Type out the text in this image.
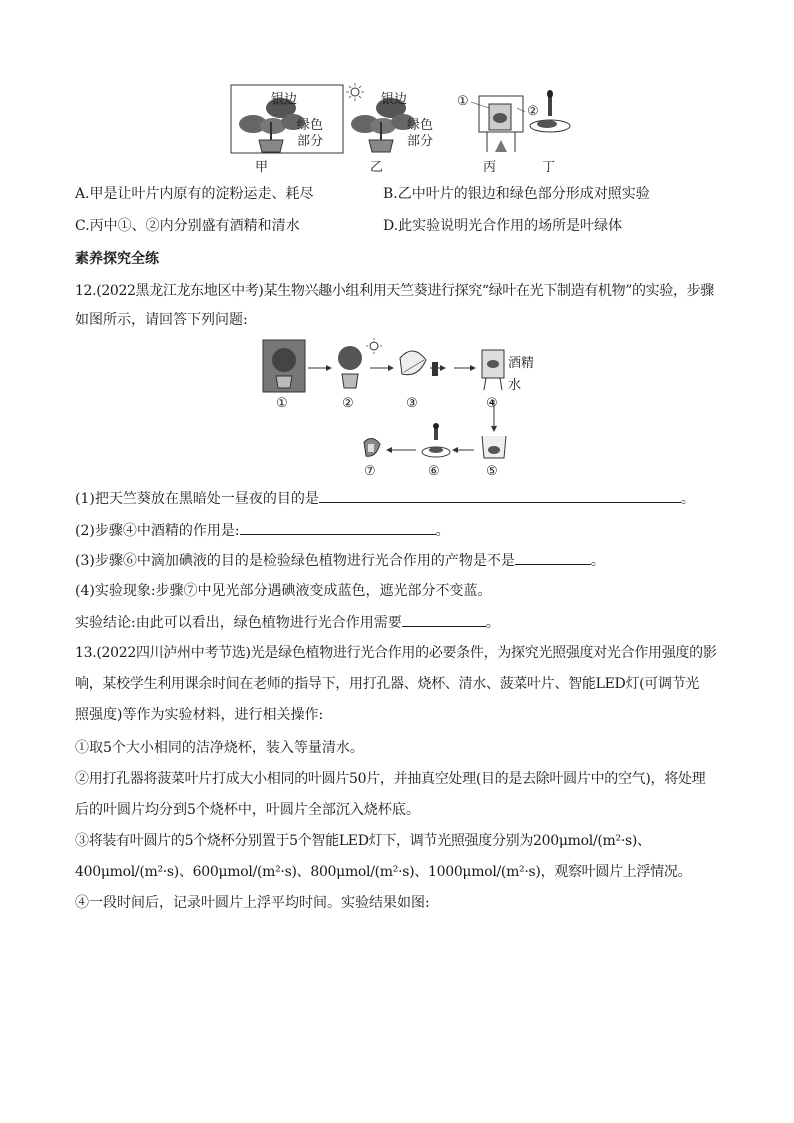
银边
绿色
部分
银边
绿色
部分
①
②
甲	乙	丙	丁
A.甲是让叶片内原有的淀粉运走、耗尽	B.乙中叶片的银边和绿色部分形成对照实验
C.丙中①、②内分别盛有酒精和清水	D.此实验说明光合作用的场所是叶绿体
素养探究全练
12.(2022黑龙江龙东地区中考)某生物兴趣小组利用天竺葵进行探究“绿叶在光下制造有机物”的实验，步骤
如图所示，请回答下列问题:
酒精
水
①	②	③	④
⑤
⑥
⑦
(1)把天竺葵放在黑暗处一昼夜的目的是	。
(2)步骤④中酒精的作用是:	。
(3)步骤⑥中滴加碘液的目的是检验绿色植物进行光合作用的产物是不是	。
(4)实验现象:步骤⑦中见光部分遇碘液变成蓝色，遮光部分不变蓝。
实验结论:由此可以看出，绿色植物进行光合作用需要	。
13.(2022四川泸州中考节选)光是绿色植物进行光合作用的必要条件，为探究光照强度对光合作用强度的影
响，某校学生利用课余时间在老师的指导下，用打孔器、烧杯、清水、菠菜叶片、智能LED灯(可调节光
照强度)等作为实验材料，进行相关操作:
①取5个大小相同的洁净烧杯，装入等量清水。
②用打孔器将菠菜叶片打成大小相同的叶圆片50片，并抽真空处理(目的是去除叶圆片中的空气)，将处理
后的叶圆片均分到5个烧杯中，叶圆片全部沉入烧杯底。
③将装有叶圆片的5个烧杯分别置于5个智能LED灯下，调节光照强度分别为200μmol/(m²·s)、
400μmol/(m²·s)、600μmol/(m²·s)、800μmol/(m²·s)、1000μmol/(m²·s)，观察叶圆片上浮情况。
④一段时间后，记录叶圆片上浮平均时间。实验结果如图:
